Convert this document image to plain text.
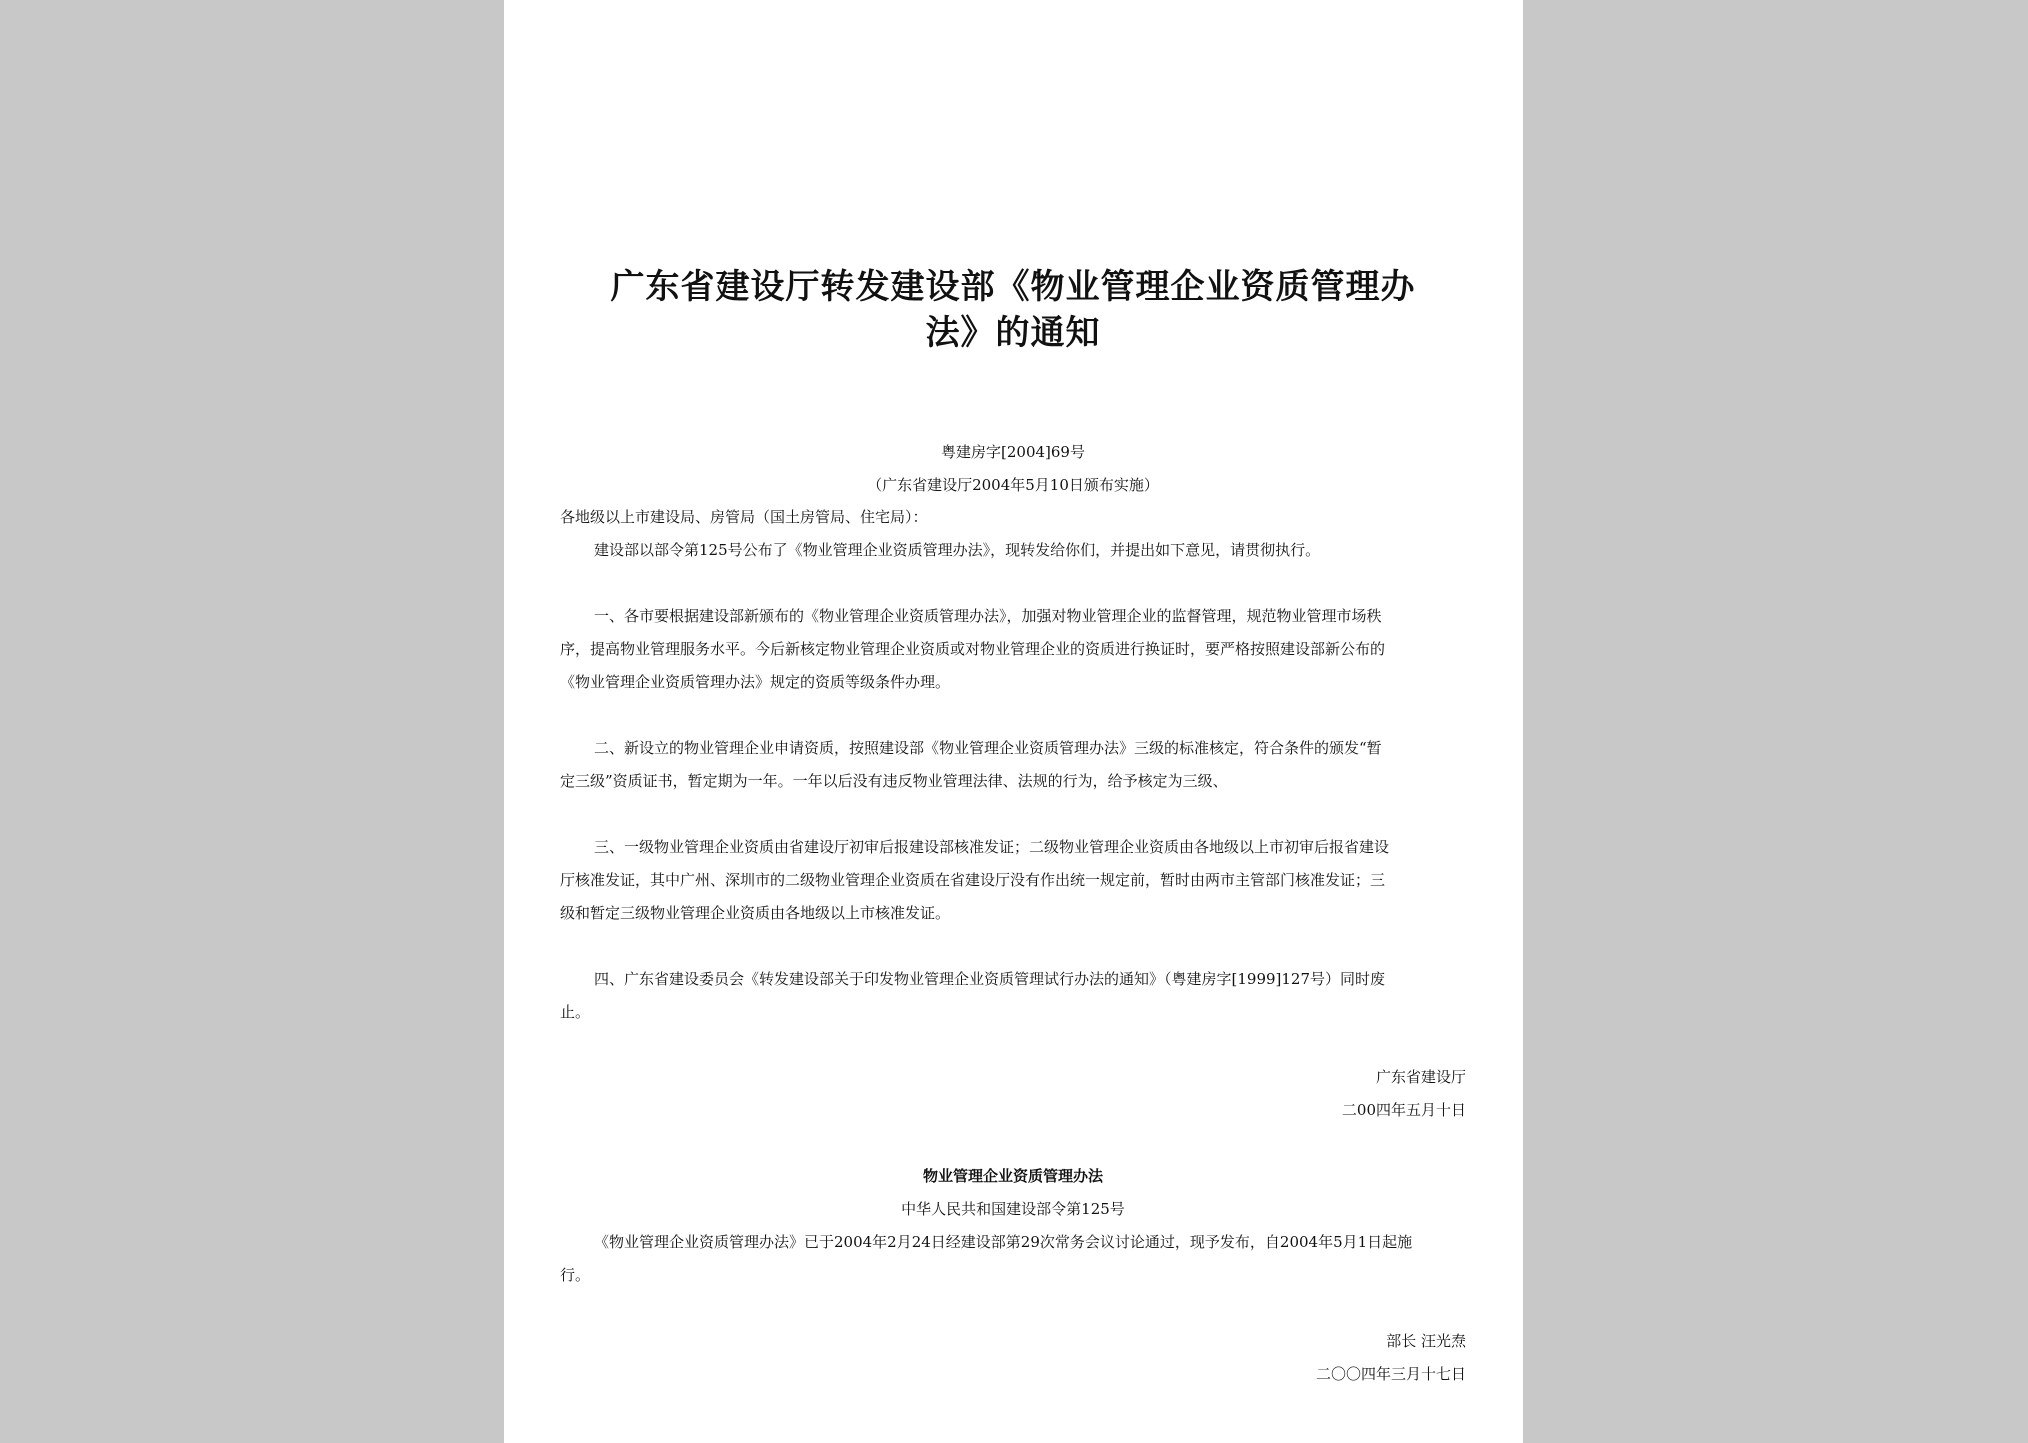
广东省建设厅转发建设部《物业管理企业资质管理办
法》的通知
粤建房字[2004]69号
（广东省建设厅2004年5月10日颁布实施）
各地级以上市建设局、房管局（国土房管局、住宅局）：
建设部以部令第125号公布了《物业管理企业资质管理办法》，现转发给你们，并提出如下意见，请贯彻执行。
一、各市要根据建设部新颁布的《物业管理企业资质管理办法》，加强对物业管理企业的监督管理，规范物业管理市场秩
序，提高物业管理服务水平。今后新核定物业管理企业资质或对物业管理企业的资质进行换证时，要严格按照建设部新公布的
《物业管理企业资质管理办法》规定的资质等级条件办理。
二、新设立的物业管理企业申请资质，按照建设部《物业管理企业资质管理办法》三级的标准核定，符合条件的颁发“暂
定三级”资质证书，暂定期为一年。一年以后没有违反物业管理法律、法规的行为，给予核定为三级、
三、一级物业管理企业资质由省建设厅初审后报建设部核准发证；二级物业管理企业资质由各地级以上市初审后报省建设
厅核准发证，其中广州、深圳市的二级物业管理企业资质在省建设厅没有作出统一规定前，暂时由两市主管部门核准发证；三
级和暂定三级物业管理企业资质由各地级以上市核准发证。
四、广东省建设委员会《转发建设部关于印发物业管理企业资质管理试行办法的通知》（粤建房字[1999]127号）同时废
止。
广东省建设厅
二00四年五月十日
物业管理企业资质管理办法
中华人民共和国建设部令第125号
《物业管理企业资质管理办法》已于2004年2月24日经建设部第29次常务会议讨论通过，现予发布，自2004年5月1日起施
行。
部长 汪光焘
二〇〇四年三月十七日
